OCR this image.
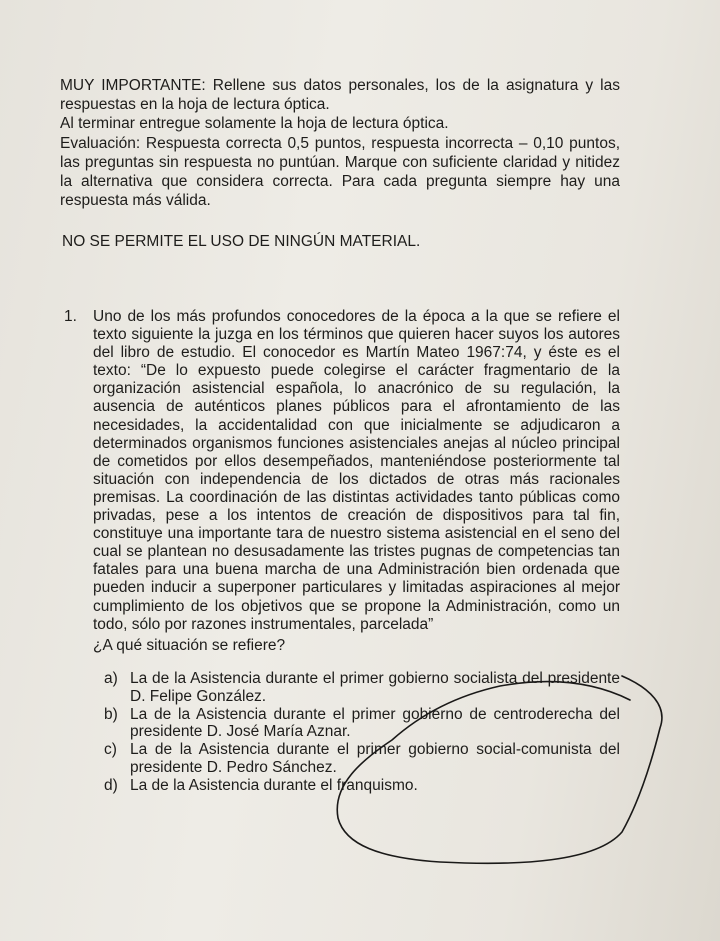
MUY IMPORTANTE: Rellene sus datos personales, los de la asignatura y las respuestas en la hoja de lectura óptica.

Al terminar entregue solamente la hoja de lectura óptica.

Evaluación: Respuesta correcta 0,5 puntos, respuesta incorrecta – 0,10 puntos, las preguntas sin respuesta no puntúan. Marque con suficiente claridad y nitidez la alternativa que considera correcta. Para cada pregunta siempre hay una respuesta más válida.

NO SE PERMITE EL USO DE NINGÚN MATERIAL.
1. Uno de los más profundos conocedores de la época a la que se refiere el texto siguiente la juzga en los términos que quieren hacer suyos los autores del libro de estudio. El conocedor es Martín Mateo 1967:74, y éste es el texto: “De lo expuesto puede colegirse el carácter fragmentario de la organización asistencial española, lo anacrónico de su regulación, la ausencia de auténticos planes públicos para el afrontamiento de las necesidades, la accidentalidad con que inicialmente se adjudicaron a determinados organismos funciones asistenciales anejas al núcleo principal de cometidos por ellos desempeñados, manteniéndose posteriormente tal situación con independencia de los dictados de otras más racionales premisas. La coordinación de las distintas actividades tanto públicas como privadas, pese a los intentos de creación de dispositivos para tal fin, constituye una importante tara de nuestro sistema asistencial en el seno del cual se plantean no desusadamente las tristes pugnas de competencias tan fatales para una buena marcha de una Administración bien ordenada que pueden inducir a superponer particulares y limitadas aspiraciones al mejor cumplimiento de los objetivos que se propone la Administración, como un todo, sólo por razones instrumentales, parcelada”

¿A qué situación se refiere?

a) La de la Asistencia durante el primer gobierno socialista del presidente D. Felipe González.
b) La de la Asistencia durante el primer gobierno de centroderecha del presidente D. José María Aznar.
c) La de la Asistencia durante el primer gobierno social-comunista del presidente D. Pedro Sánchez.
d) La de la Asistencia durante el franquismo.
